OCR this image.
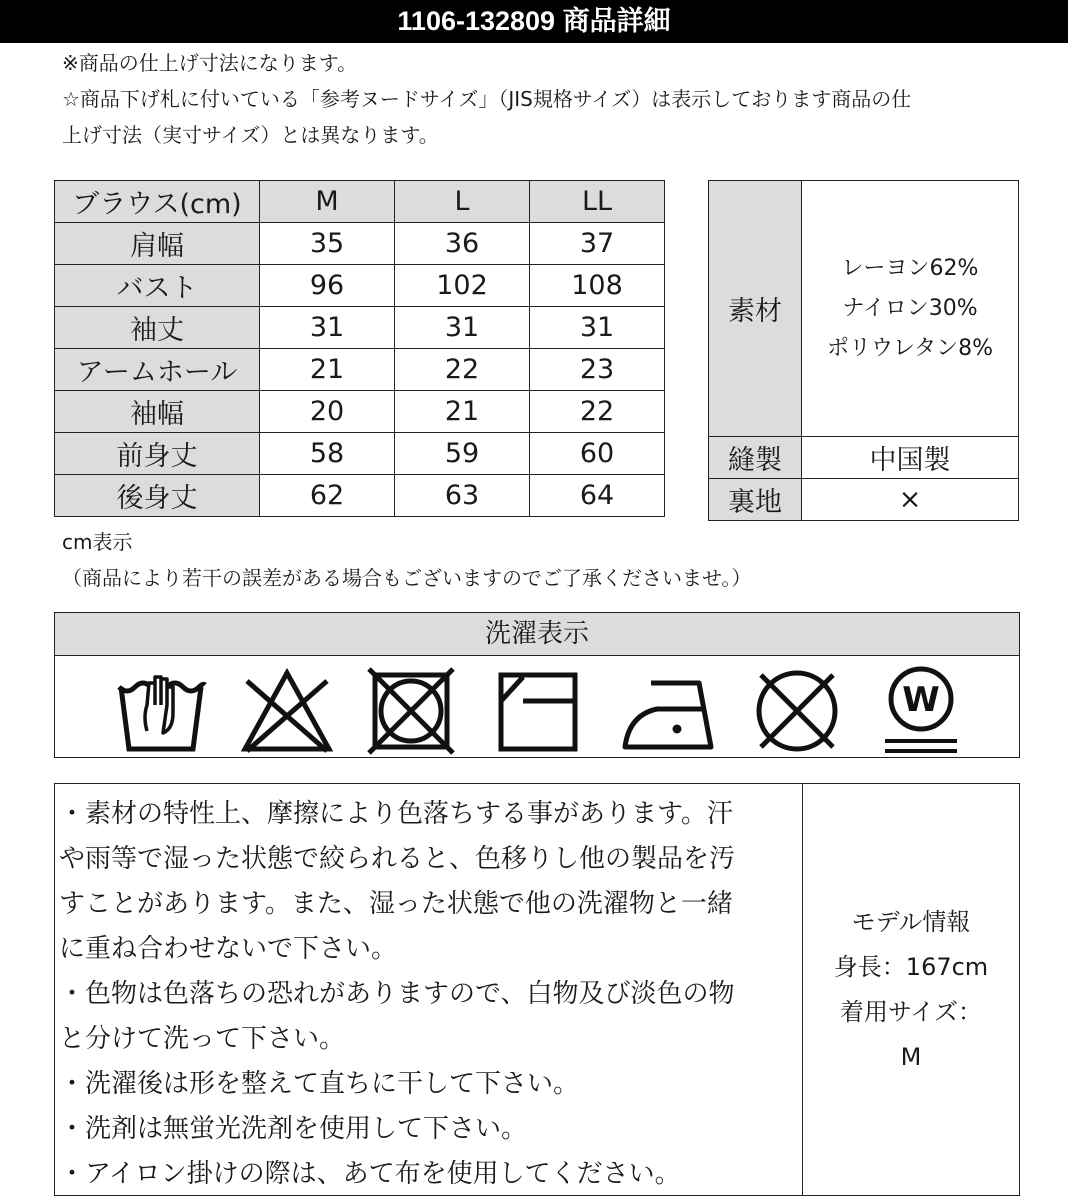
1106-132809 商品詳細

※商品の仕上げ寸法になります。

☆商品下げ札に付いている「参考ヌードサイズ」（JIS規格サイズ）は表示しております商品の仕

上げ寸法（実寸サイズ）とは異なります。

ブラウス(cm)	M	L	LL
肩幅	35	36	37
バスト	96	102	108
袖丈	31	31	31
アームホール	21	22	23
袖幅	20	21	22
前身丈	58	59	60
後身丈	62	63	64
素材	レーヨン62%
ナイロン30%
ポリウレタン8%

縫製	中国製
裏地	×
cm表示
（商品により若干の誤差がある場合もございますのでご了承くださいませ。）
洗濯表示
手
W

・素材の特性上、摩擦により色落ちする事があります。汗

や雨等で湿った状態で絞られると、色移りし他の製品を汚

すことがあります。また、湿った状態で他の洗濯物と一緒

に重ね合わせないで下さい。

・色物は色落ちの恐れがありますので、白物及び淡色の物

と分けて洗って下さい。

・洗濯後は形を整えて直ちに干して下さい。

・洗剤は無蛍光洗剤を使用して下さい。

・アイロン掛けの際は、あて布を使用してください。

モデル情報

身長：167cm

着用サイズ：

M
